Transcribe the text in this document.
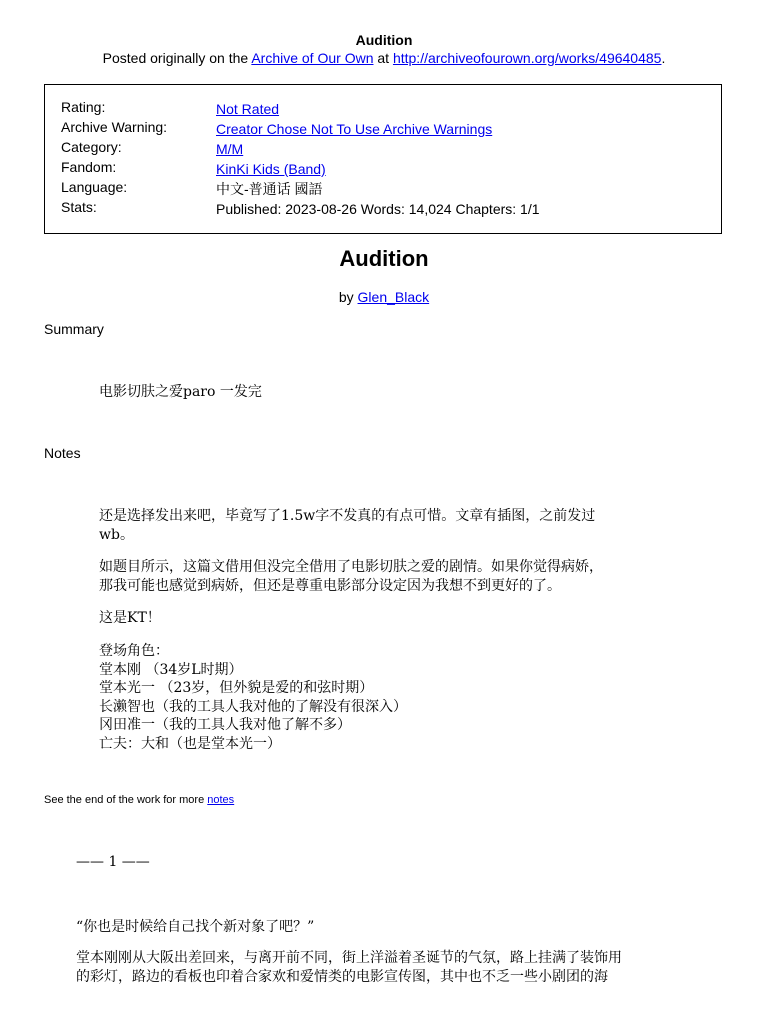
Audition
Posted originally on the Archive of Our Own at http://archiveofourown.org/works/49640485.
Rating:	Not Rated
Archive Warning:	Creator Chose Not To Use Archive Warnings
Category:	M/M
Fandom:	KinKi Kids (Band)
Language:	中文-普通话 國語
Stats:	Published: 2023-08-26 Words: 14,024 Chapters: 1/1
Audition
by Glen_Black
Summary
电影切肤之爱paro 一发完
Notes
还是选择发出来吧，毕竟写了1.5w字不发真的有点可惜。文章有插图，之前发过
wb。
如题目所示，这篇文借用但没完全借用了电影切肤之爱的剧情。如果你觉得病娇，
那我可能也感觉到病娇，但还是尊重电影部分设定因为我想不到更好的了。
这是KT！
登场角色：
堂本刚 （34岁L时期）
堂本光一 （23岁，但外貌是爱的和弦时期）
长濑智也（我的工具人我对他的了解没有很深入）
冈田准一（我的工具人我对他了解不多）
亡夫：大和（也是堂本光一）
See the end of the work for more notes
—— 1 ——
“你也是时候给自己找个新对象了吧？”
堂本刚刚从大阪出差回来，与离开前不同，街上洋溢着圣诞节的气氛，路上挂满了装饰用
的彩灯，路边的看板也印着合家欢和爱情类的电影宣传图，其中也不乏一些小剧团的海
